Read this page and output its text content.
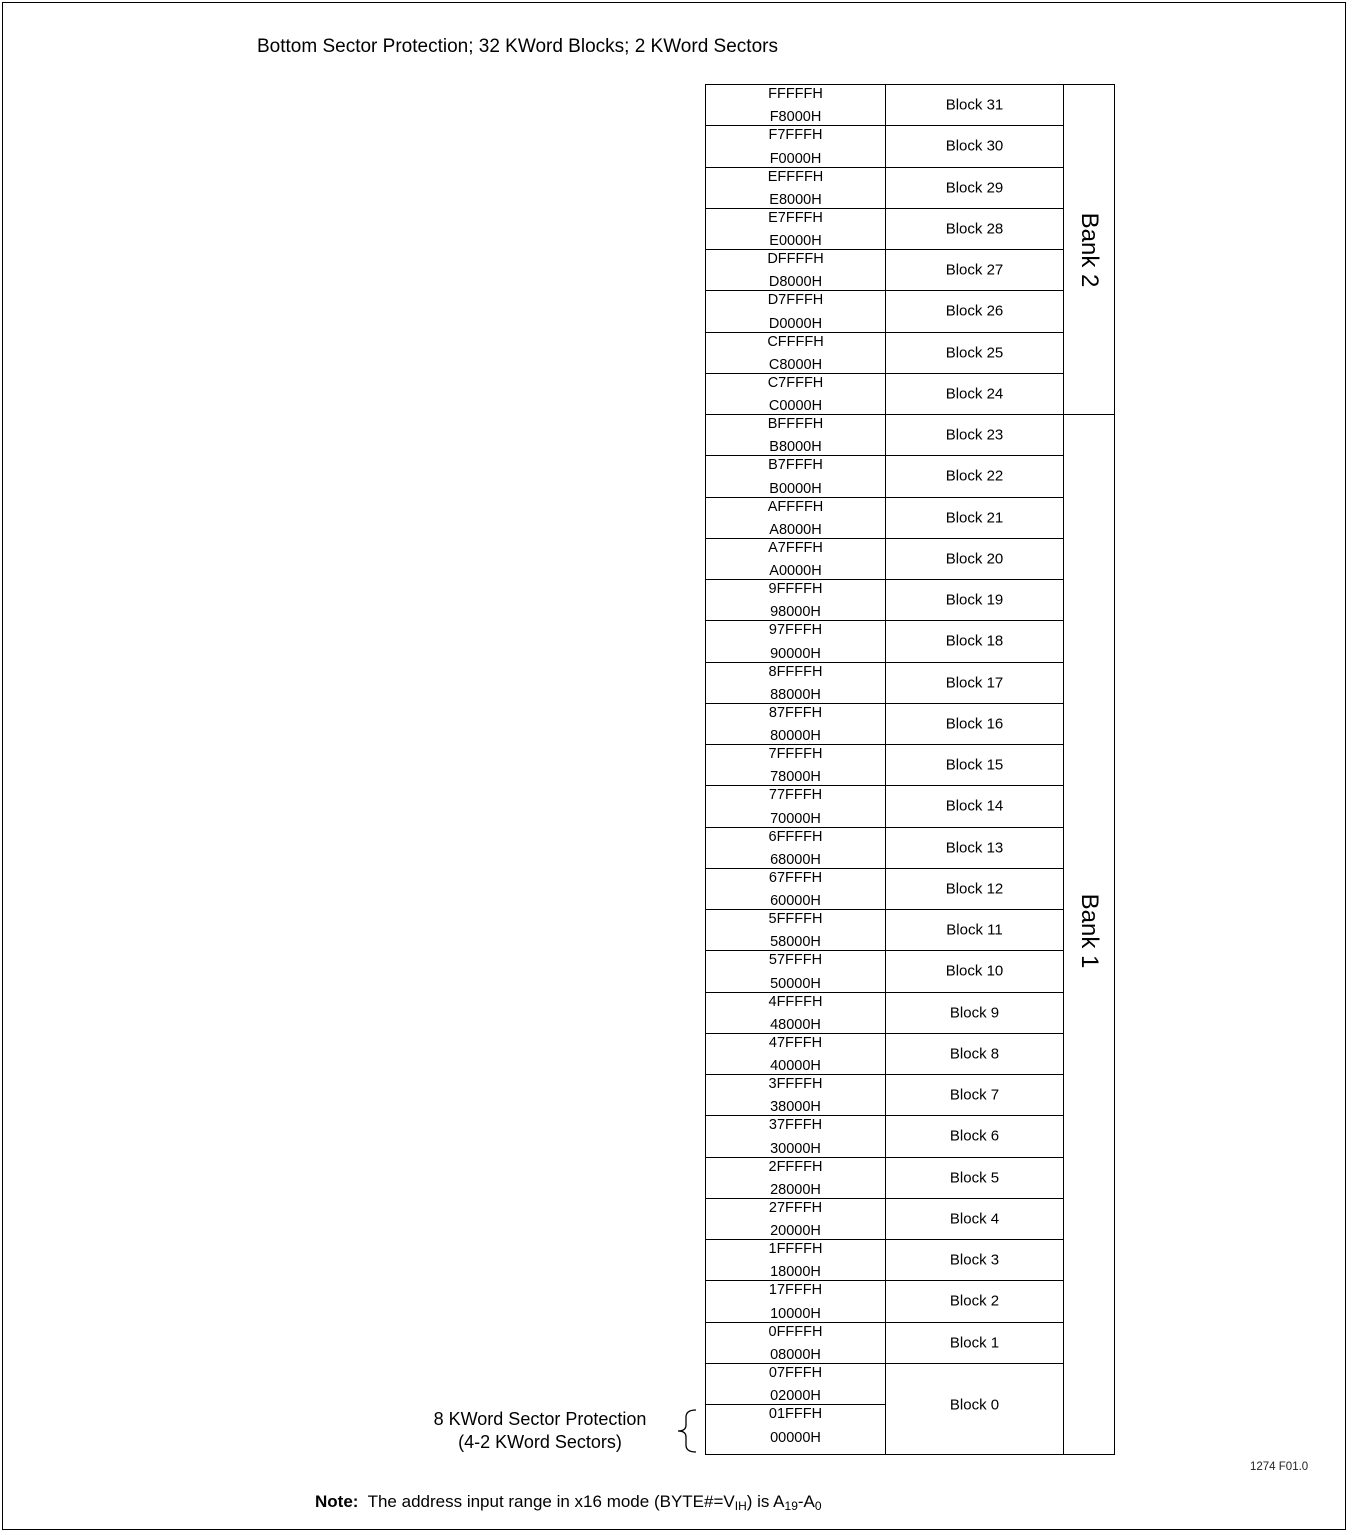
Bottom Sector Protection; 32 KWord Blocks; 2 KWord Sectors
FFFFFH
F8000H
F7FFFH
F0000H
EFFFFH
E8000H
E7FFFH
E0000H
DFFFFH
D8000H
D7FFFH
D0000H
CFFFFH
C8000H
C7FFFH
C0000H
BFFFFH
B8000H
B7FFFH
B0000H
AFFFFH
A8000H
A7FFFH
A0000H
9FFFFH
98000H
97FFFH
90000H
8FFFFH
88000H
87FFFH
80000H
7FFFFH
78000H
77FFFH
70000H
6FFFFH
68000H
67FFFH
60000H
5FFFFH
58000H
57FFFH
50000H
4FFFFH
48000H
47FFFH
40000H
3FFFFH
38000H
37FFFH
30000H
2FFFFH
28000H
27FFFH
20000H
1FFFFH
18000H
17FFFH
10000H
0FFFFH
08000H
07FFFH
02000H
01FFFH
00000H
Block 31
Block 30
Block 29
Block 28
Block 27
Block 26
Block 25
Block 24
Block 23
Block 22
Block 21
Block 20
Block 19
Block 18
Block 17
Block 16
Block 15
Block 14
Block 13
Block 12
Block 11
Block 10
Block 9
Block 8
Block 7
Block 6
Block 5
Block 4
Block 3
Block 2
Block 1
Block 0
Bank 2
Bank 1
8 KWord Sector Protection
(4-2 KWord Sectors)
1274 F01.0
Note: The address input range in x16 mode $(BYTE\#=V_{IH})$ is $A_{19}-A_0$
